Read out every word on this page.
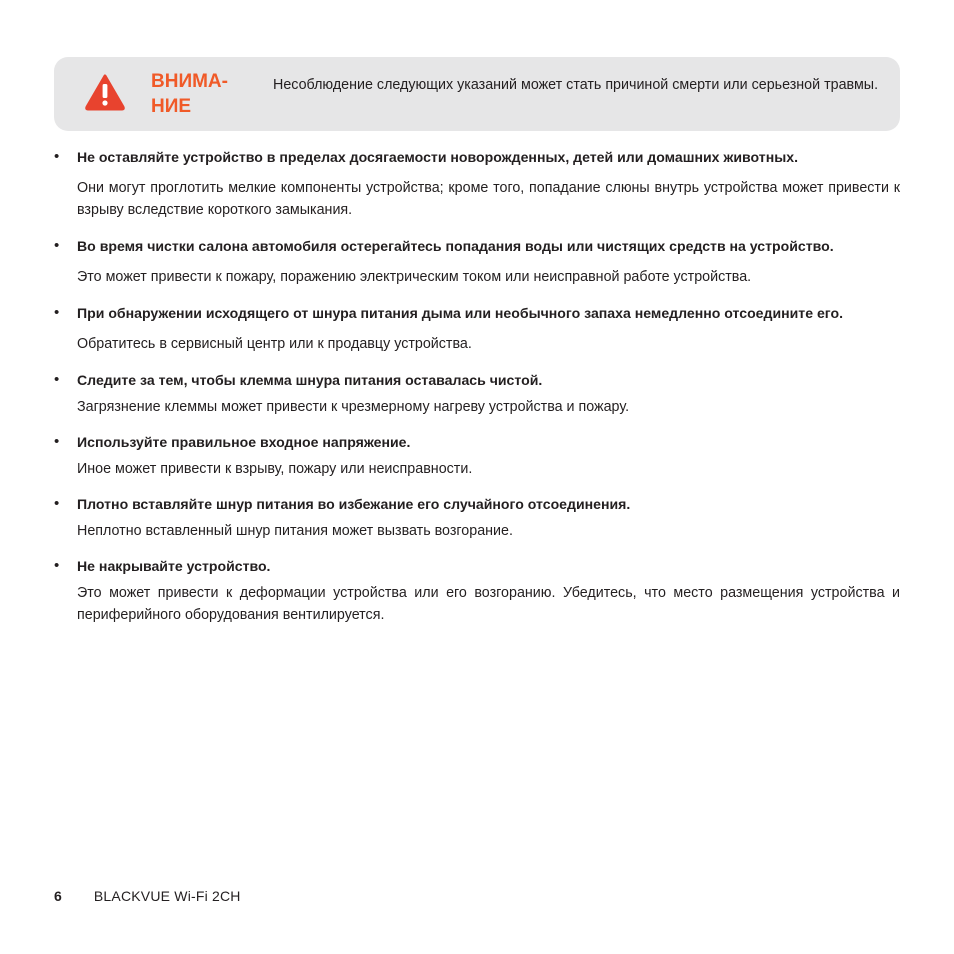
ВНИМА-
НИЕ
Несоблюдение следующих указаний может стать причиной смерти или серьезной травмы.
• Не оставляйте устройство в пределах досягаемости новорожденных, детей или домашних животных.
Они могут проглотить мелкие компоненты устройства; кроме того, попадание слюны внутрь устройства может привести к взрыву вследствие короткого замыкания.
• Во время чистки салона автомобиля остерегайтесь попадания воды или чистящих средств на устройство.
Это может привести к пожару, поражению электрическим током или неисправной работе устройства.
• При обнаружении исходящего от шнура питания дыма или необычного запаха немедленно отсоедините его.
Обратитесь в сервисный центр или к продавцу устройства.
• Следите за тем, чтобы клемма шнура питания оставалась чистой.
Загрязнение клеммы может привести к чрезмерному нагреву устройства и пожару.
• Используйте правильное входное напряжение.
Иное может привести к взрыву, пожару или неисправности.
• Плотно вставляйте шнур питания во избежание его случайного отсоединения.
Неплотно вставленный шнур питания может вызвать возгорание.
• Не накрывайте устройство.
Это может привести к деформации устройства или его возгоранию. Убедитесь, что место размещения устройства и периферийного оборудования вентилируется.
6 BLACKVUE Wi-Fi 2CH
